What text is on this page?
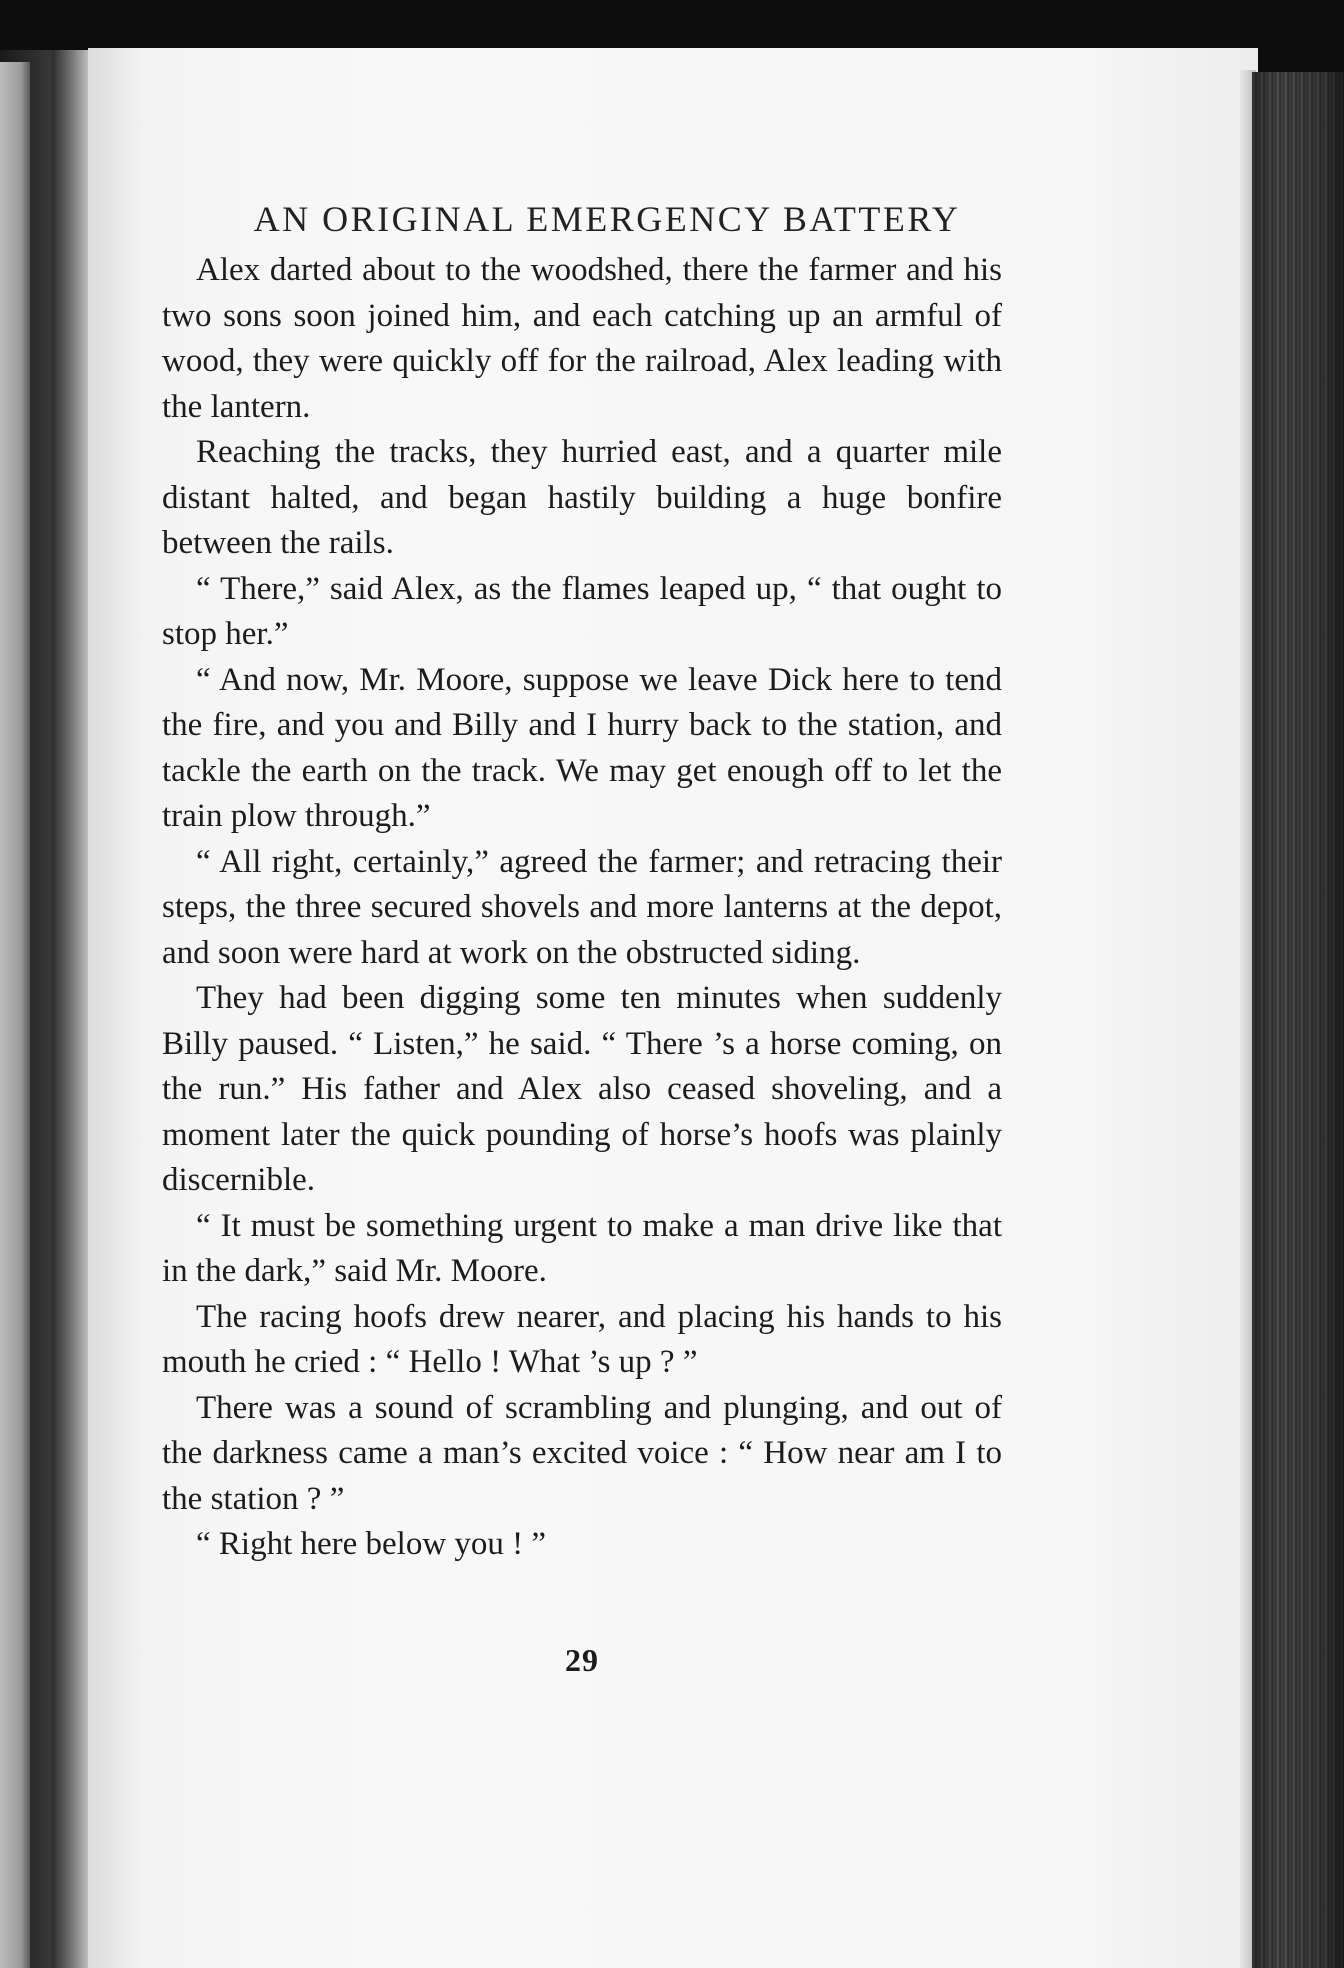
AN ORIGINAL EMERGENCY BATTERY

Alex darted about to the woodshed, there the farmer and his two sons soon joined him, and each catching up an armful of wood, they were quickly off for the railroad, Alex leading with the lantern.

Reaching the tracks, they hurried east, and a quarter mile distant halted, and began hastily building a huge bonfire between the rails.

“ There,” said Alex, as the flames leaped up, “ that ought to stop her.”

“ And now, Mr. Moore, suppose we leave Dick here to tend the fire, and you and Billy and I hurry back to the station, and tackle the earth on the track. We may get enough off to let the train plow through.”

“ All right, certainly,” agreed the farmer; and retracing their steps, the three secured shovels and more lanterns at the depot, and soon were hard at work on the obstructed siding.

They had been digging some ten minutes when suddenly Billy paused. “ Listen,” he said. “ There ’s a horse coming, on the run.” His father and Alex also ceased shoveling, and a moment later the quick pounding of horse’s hoofs was plainly discernible.

“ It must be something urgent to make a man drive like that in the dark,” said Mr. Moore.

The racing hoofs drew nearer, and placing his hands to his mouth he cried : “ Hello ! What ’s up ? ”

There was a sound of scrambling and plunging, and out of the darkness came a man’s excited voice : “ How near am I to the station ? ”

“ Right here below you ! ”

29
